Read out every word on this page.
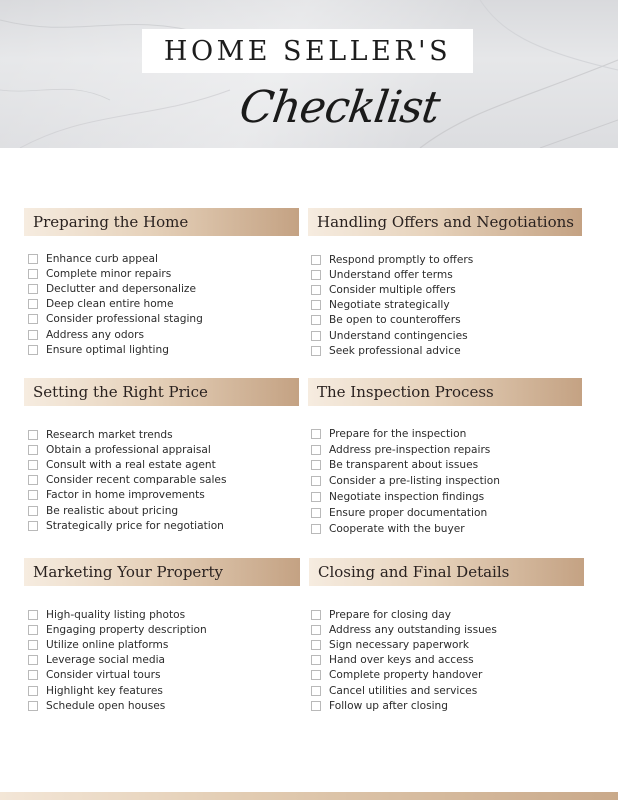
HOME SELLER'S
Checklist
Preparing the Home
Enhance curb appeal
Complete minor repairs
Declutter and depersonalize
Deep clean entire home
Consider professional staging
Address any odors
Ensure optimal lighting
Handling Offers and Negotiations
Respond promptly to offers
Understand offer terms
Consider multiple offers
Negotiate strategically
Be open to counteroffers
Understand contingencies
Seek professional advice
Setting the Right Price
Research market trends
Obtain a professional appraisal
Consult with a real estate agent
Consider recent comparable sales
Factor in home improvements
Be realistic about pricing
Strategically price for negotiation
The Inspection Process
Prepare for the inspection
Address pre-inspection repairs
Be transparent about issues
Consider a pre-listing inspection
Negotiate inspection findings
Ensure proper documentation
Cooperate with the buyer
Marketing Your Property
High-quality listing photos
Engaging property description
Utilize online platforms
Leverage social media
Consider virtual tours
Highlight key features
Schedule open houses
Closing and Final Details
Prepare for closing day
Address any outstanding issues
Sign necessary paperwork
Hand over keys and access
Complete property handover
Cancel utilities and services
Follow up after closing
